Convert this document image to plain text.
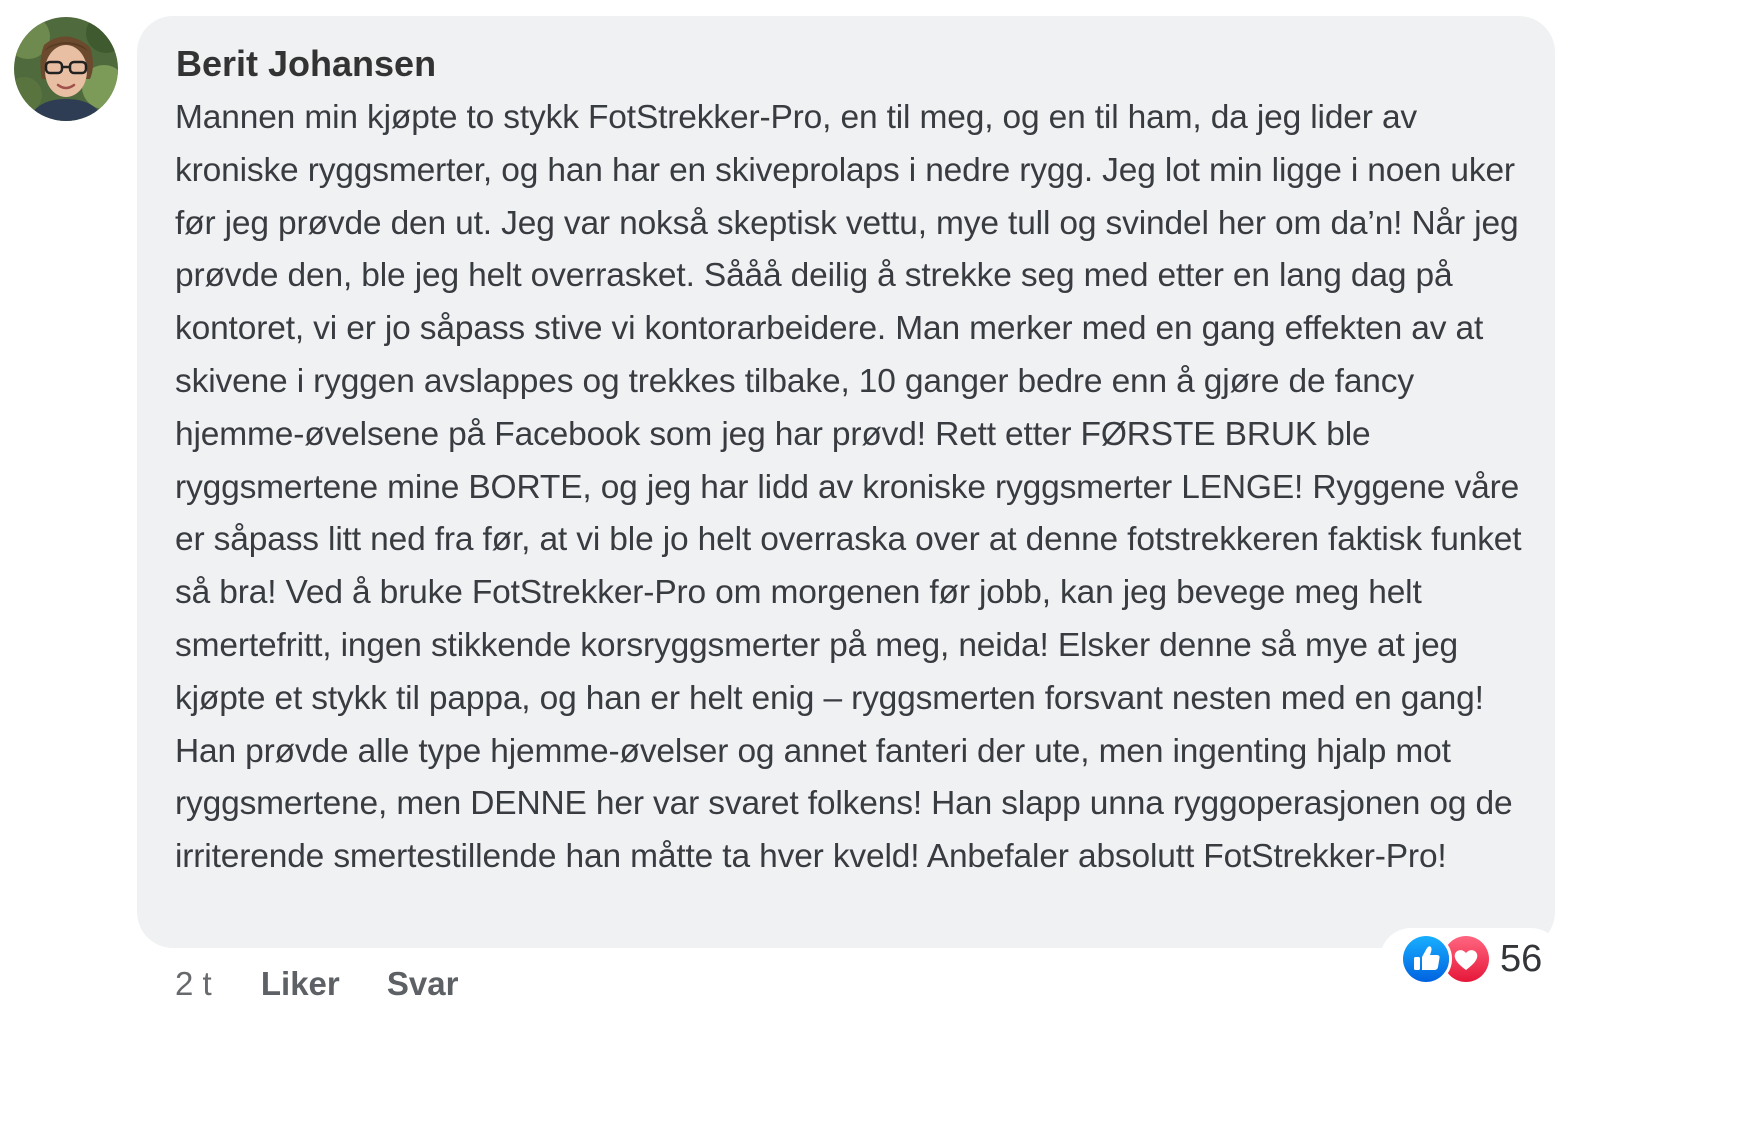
Berit Johansen

Mannen min kjøpte to stykk FotStrekker-Pro, en til meg, og en til ham, da jeg lider av kroniske ryggsmerter, og han har en skiveprolaps i nedre rygg. Jeg lot min ligge i noen uker før jeg prøvde den ut. Jeg var nokså skeptisk vettu, mye tull og svindel her om da’n! Når jeg prøvde den, ble jeg helt overrasket. Sååå deilig å strekke seg med etter en lang dag på kontoret, vi er jo såpass stive vi kontorarbeidere. Man merker med en gang effekten av at skivene i ryggen avslappes og trekkes tilbake, 10 ganger bedre enn å gjøre de fancy hjemme-øvelsene på Facebook som jeg har prøvd! Rett etter FØRSTE BRUK ble ryggsmertene mine BORTE, og jeg har lidd av kroniske ryggsmerter LENGE! Ryggene våre er såpass litt ned fra før, at vi ble jo helt overraska over at denne fotstrekkeren faktisk funket så bra! Ved å bruke FotStrekker-Pro om morgenen før jobb, kan jeg bevege meg helt smertefritt, ingen stikkende korsryggsmerter på meg, neida! Elsker denne så mye at jeg kjøpte et stykk til pappa, og han er helt enig – ryggsmerten forsvant nesten med en gang! Han prøvde alle type hjemme-øvelser og annet fanteri der ute, men ingenting hjalp mot ryggsmertene, men DENNE her var svaret folkens! Han slapp unna ryggoperasjonen og de irriterende smertestillende han måtte ta hver kveld! Anbefaler absolutt FotStrekker-Pro!

56
2 t Liker Svar
